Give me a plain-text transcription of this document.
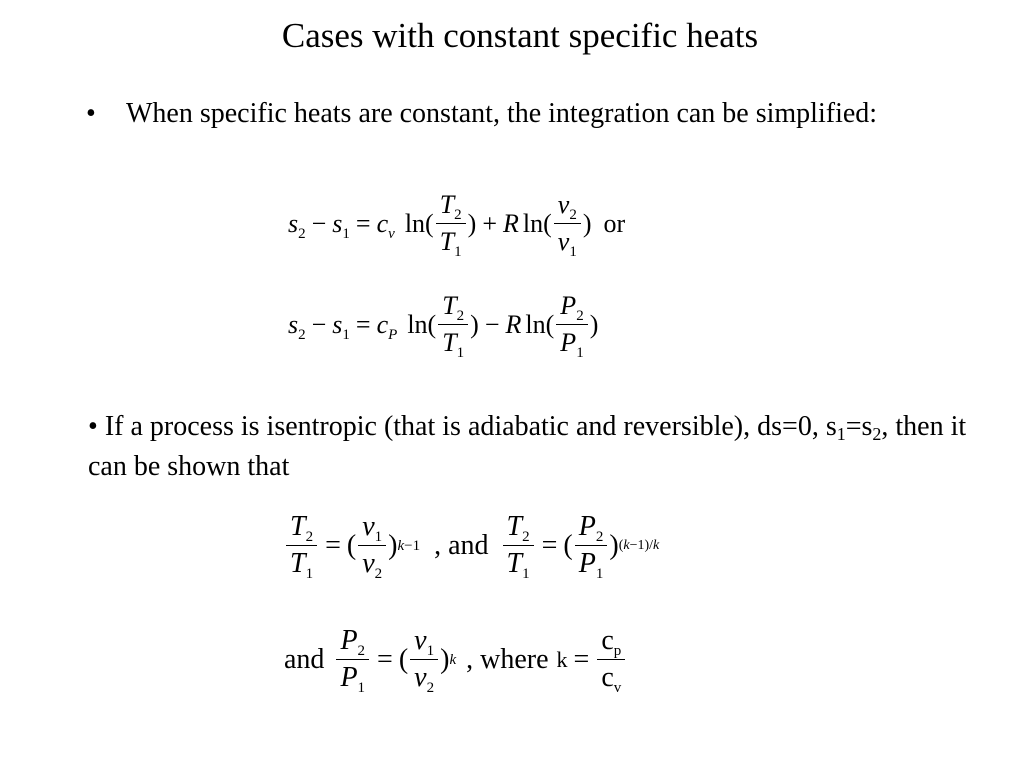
Cases with constant specific heats
• When specific heats are constant, the integration can be simplified:
$s_2 - s_1 = c_v$ $\ln( \frac{T_2}{T_1}$ ) + R $\ln( \frac{v_2}{v_1}$ ) or
$s_2 - s_1 = c_P$ $\ln( \frac{T_2}{T_1}$ ) − R $\ln( \frac{P_2}{P_1}$ )
• If a process is isentropic (that is adiabatic and reversible), ds=0, $s_1=s_2$, then it can be shown that
$\frac{T_2}{T_1}$ = ( $\frac{v_1}{v_2}$ ) k−1 , and $\frac{T_2}{T_1}$ = ( $\frac{P_2}{P_1}$ ) (k−1)/k
and $\frac{P_2}{P_1}$ = ( $\frac{v_1}{v_2}$ ) k , where $k = \frac{c_p}{c_v}$
